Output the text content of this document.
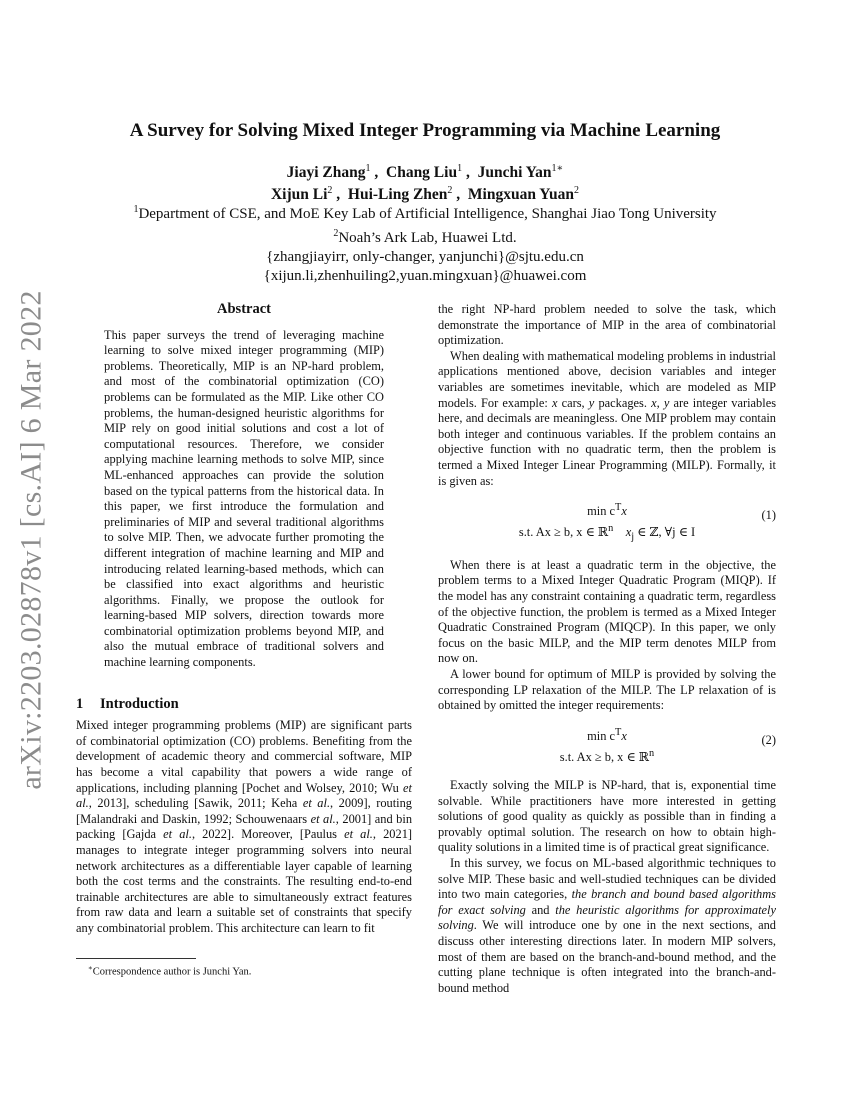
arXiv:2203.02878v1 [cs.AI] 6 Mar 2022
A Survey for Solving Mixed Integer Programming via Machine Learning
Jiayi Zhang$^1$ ,  Chang Liu$^1$ ,  Junchi Yan$^{1∗}$
Xijun Li$^2$ ,  Hui-Ling Zhen$^2$ ,  Mingxuan Yuan$^2$
$^1$Department of CSE, and MoE Key Lab of Artificial Intelligence, Shanghai Jiao Tong University
$^2$Noah’s Ark Lab, Huawei Ltd.
{zhangjiayirr, only-changer, yanjunchi}@sjtu.edu.cn
{xijun.li,zhenhuiling2,yuan.mingxuan}@huawei.com
Abstract

This paper surveys the trend of leveraging machine learning to solve mixed integer programming (MIP) problems. Theoretically, MIP is an NP-hard problem, and most of the combinatorial optimization (CO) problems can be formulated as the MIP. Like other CO problems, the human-designed heuristic algorithms for MIP rely on good initial solutions and cost a lot of computational resources. Therefore, we consider applying machine learning methods to solve MIP, since ML-enhanced approaches can provide the solution based on the typical patterns from the historical data. In this paper, we first introduce the formulation and preliminaries of MIP and several traditional algorithms to solve MIP. Then, we advocate further promoting the different integration of machine learning and MIP and introducing related learning-based methods, which can be classified into exact algorithms and heuristic algorithms. Finally, we propose the outlook for learning-based MIP solvers, direction towards more combinatorial optimization problems beyond MIP, and also the mutual embrace of traditional solvers and machine learning components.

1 Introduction

Mixed integer programming problems (MIP) are significant parts of combinatorial optimization (CO) problems. Benefiting from the development of academic theory and commercial software, MIP has become a vital capability that powers a wide range of applications, including planning [Pochet and Wolsey, 2010; Wu et al., 2013], scheduling [Sawik, 2011; Keha et al., 2009], routing [Malandraki and Daskin, 1992; Schouwenaars et al., 2001] and bin packing [Gajda et al., 2022]. Moreover, [Paulus et al., 2021] manages to integrate integer programming solvers into neural network architectures as a differentiable layer capable of learning both the cost terms and the constraints. The resulting end-to-end trainable architectures are able to simultaneously extract features from raw data and learn a suitable set of constraints that specify any combinatorial problem. This architecture can learn to fit

∗Correspondence author is Junchi Yan.

the right NP-hard problem needed to solve the task, which demonstrate the importance of MIP in the area of combinatorial optimization.

When dealing with mathematical modeling problems in industrial applications mentioned above, decision variables and integer variables are sometimes inevitable, which are modeled as MIP models. For example: x cars, y packages. x, y are integer variables here, and decimals are meaningless. One MIP problem may contain both integer and continuous variables. If the problem contains an objective function with no quadratic term, then the problem is termed a Mixed Integer Linear Programming (MILP). Formally, it is given as:

$\min c^Tx$
s.t. Ax ≥ b, x ∈ ℝ$^n$ $x_j$ ∈ ℤ, ∀j ∈ I
(1)

When there is at least a quadratic term in the objective, the problem terms to a Mixed Integer Quadratic Program (MIQP). If the model has any constraint containing a quadratic term, regardless of the objective function, the problem is termed as a Mixed Integer Quadratic Constrained Program (MIQCP). In this paper, we only focus on the basic MILP, and the MIP term denotes MILP from now on.

A lower bound for optimum of MILP is provided by solving the corresponding LP relaxation of the MILP. The LP relaxation of is obtained by omitted the integer requirements:

$\min c^Tx$
s.t. Ax ≥ b, x ∈ ℝ$^n$
(2)

Exactly solving the MILP is NP-hard, that is, exponential time solvable. While practitioners have more interested in getting solutions of good quality as quickly as possible than in finding a provably optimal solution. The research on how to obtain high-quality solutions in a limited time is of practical great significance.

In this survey, we focus on ML-based algorithmic techniques to solve MIP. These basic and well-studied techniques can be divided into two main categories, the branch and bound based algorithms for exact solving and the heuristic algorithms for approximately solving. We will introduce one by one in the next sections, and discuss other interesting directions later. In modern MIP solvers, most of them are based on the branch-and-bound method, and the cutting plane technique is often integrated into the branch-and-bound method
